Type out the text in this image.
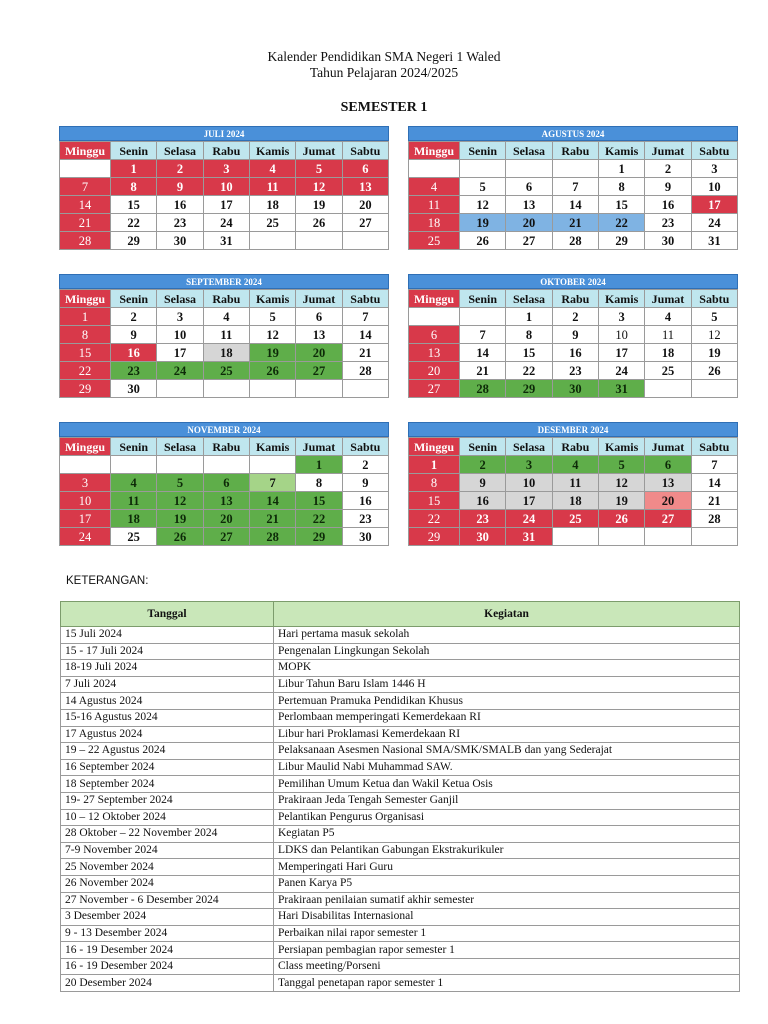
Kalender Pendidikan SMA Negeri 1 Waled
Tahun Pelajaran 2024/2025
SEMESTER 1
JULI 2024
Minggu	Senin	Selasa	Rabu	Kamis	Jumat	Sabtu
	1	2	3	4	5	6
7	8	9	10	11	12	13
14	15	16	17	18	19	20
21	22	23	24	25	26	27
28	29	30	31			
AGUSTUS 2024
Minggu	Senin	Selasa	Rabu	Kamis	Jumat	Sabtu
				1	2	3
4	5	6	7	8	9	10
11	12	13	14	15	16	17
18	19	20	21	22	23	24
25	26	27	28	29	30	31
SEPTEMBER 2024
Minggu	Senin	Selasa	Rabu	Kamis	Jumat	Sabtu
1	2	3	4	5	6	7
8	9	10	11	12	13	14
15	16	17	18	19	20	21
22	23	24	25	26	27	28
29	30					
OKTOBER 2024
Minggu	Senin	Selasa	Rabu	Kamis	Jumat	Sabtu
		1	2	3	4	5
6	7	8	9	10	11	12
13	14	15	16	17	18	19
20	21	22	23	24	25	26
27	28	29	30	31		
NOVEMBER 2024
Minggu	Senin	Selasa	Rabu	Kamis	Jumat	Sabtu
					1	2
3	4	5	6	7	8	9
10	11	12	13	14	15	16
17	18	19	20	21	22	23
24	25	26	27	28	29	30
DESEMBER 2024
Minggu	Senin	Selasa	Rabu	Kamis	Jumat	Sabtu
1	2	3	4	5	6	7
8	9	10	11	12	13	14
15	16	17	18	19	20	21
22	23	24	25	26	27	28
29	30	31				
KETERANGAN:
Tanggal	Kegiatan
15 Juli 2024	Hari pertama masuk sekolah
15 - 17 Juli 2024	Pengenalan Lingkungan Sekolah
18-19 Juli 2024	MOPK
7 Juli 2024	Libur Tahun Baru Islam 1446 H
14 Agustus 2024	Pertemuan Pramuka Pendidikan Khusus
15-16 Agustus 2024	Perlombaan memperingati Kemerdekaan RI
17 Agustus 2024	Libur hari Proklamasi Kemerdekaan RI
19 – 22 Agustus 2024	Pelaksanaan Asesmen Nasional SMA/SMK/SMALB dan yang Sederajat
16 September 2024	Libur Maulid Nabi Muhammad SAW.
18 September 2024	Pemilihan Umum Ketua dan Wakil Ketua Osis
19- 27 September 2024	Prakiraan Jeda Tengah Semester Ganjil
10 – 12 Oktober 2024	Pelantikan Pengurus Organisasi
28 Oktober – 22 November 2024	Kegiatan P5
7-9 November 2024	LDKS dan Pelantikan Gabungan Ekstrakurikuler
25 November 2024	Memperingati Hari Guru
26 November 2024	Panen Karya P5
27 November - 6 Desember 2024	Prakiraan penilaian sumatif akhir semester
3 Desember 2024	Hari Disabilitas Internasional
9 - 13 Desember 2024	Perbaikan nilai rapor semester 1
16 - 19 Desember 2024	Persiapan pembagian rapor semester 1
16 - 19 Desember 2024	Class meeting/Porseni
20 Desember 2024	Tanggal penetapan rapor semester 1
